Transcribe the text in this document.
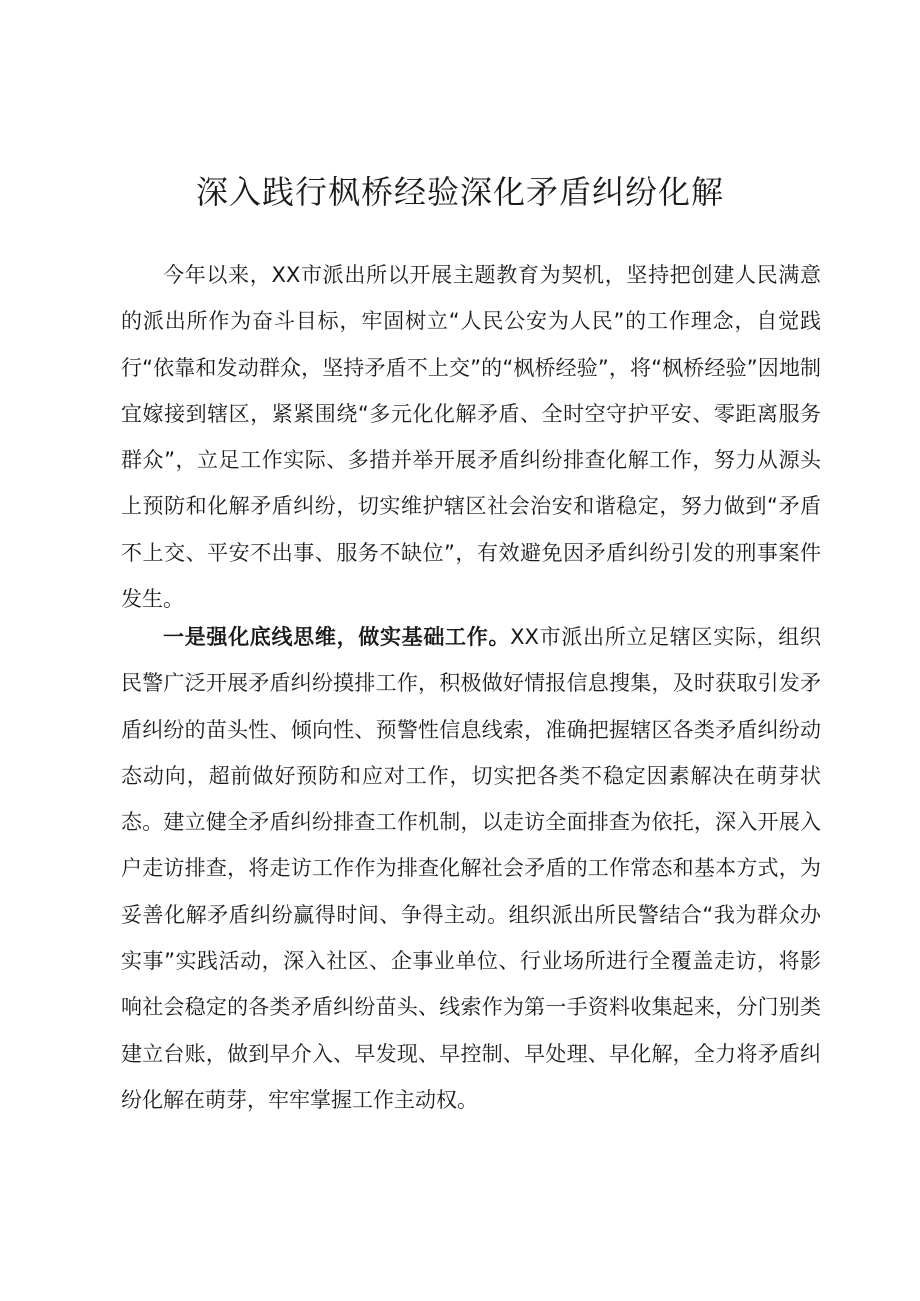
深入践行枫桥经验深化矛盾纠纷化解

今年以来，XX市派出所以开展主题教育为契机，坚持把创建人民满意的派出所作为奋斗目标，牢固树立“人民公安为人民”的工作理念，自觉践行“依靠和发动群众，坚持矛盾不上交”的“枫桥经验”，将“枫桥经验”因地制宜嫁接到辖区，紧紧围绕“多元化化解矛盾、全时空守护平安、零距离服务群众”，立足工作实际、多措并举开展矛盾纠纷排查化解工作，努力从源头上预防和化解矛盾纠纷，切实维护辖区社会治安和谐稳定，努力做到“矛盾不上交、平安不出事、服务不缺位”，有效避免因矛盾纠纷引发的刑事案件发生。

一是强化底线思维，做实基础工作。XX市派出所立足辖区实际，组织民警广泛开展矛盾纠纷摸排工作，积极做好情报信息搜集，及时获取引发矛盾纠纷的苗头性、倾向性、预警性信息线索，准确把握辖区各类矛盾纠纷动态动向，超前做好预防和应对工作，切实把各类不稳定因素解决在萌芽状态。建立健全矛盾纠纷排查工作机制，以走访全面排查为依托，深入开展入户走访排查，将走访工作作为排查化解社会矛盾的工作常态和基本方式，为妥善化解矛盾纠纷赢得时间、争得主动。组织派出所民警结合“我为群众办实事”实践活动，深入社区、企事业单位、行业场所进行全覆盖走访，将影响社会稳定的各类矛盾纠纷苗头、线索作为第一手资料收集起来，分门别类建立台账，做到早介入、早发现、早控制、早处理、早化解，全力将矛盾纠纷化解在萌芽，牢牢掌握工作主动权。
